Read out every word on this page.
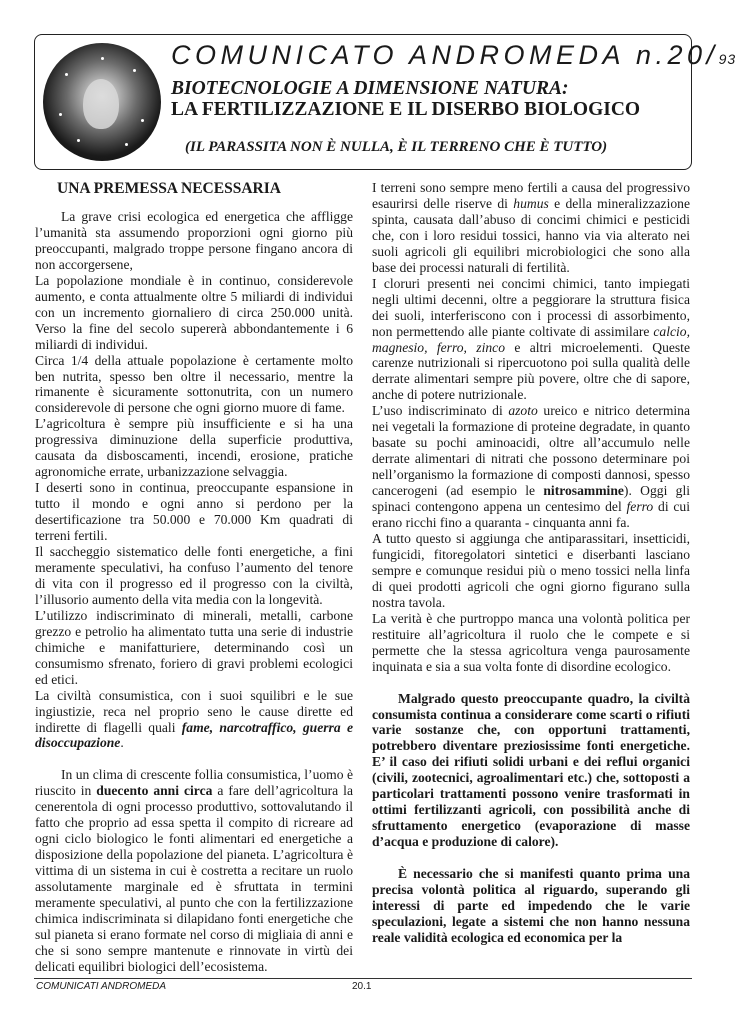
COMUNICATO ANDROMEDA n.20/93
BIOTECNOLOGIE A DIMENSIONE NATURA:
LA FERTILIZZAZIONE E IL DISERBO BIOLOGICO
(IL PARASSITA NON È NULLA, È IL TERRENO CHE È TUTTO)
UNA PREMESSA NECESSARIA

La grave crisi ecologica ed energetica che affligge l’umanità sta assumendo proporzioni ogni giorno più preoccupanti, malgrado troppe persone fingano ancora di non accorgersene,

La popolazione mondiale è in continuo, considerevole aumento, e conta attualmente oltre 5 miliardi di individui con un incremento giornaliero di circa 250.000 unità. Verso la fine del secolo supererà abbondantemente i 6 miliardi di individui.

Circa 1/4 della attuale popolazione è certamente molto ben nutrita, spesso ben oltre il necessario, mentre la rimanente è sicuramente sottonutrita, con un numero considerevole di persone che ogni giorno muore di fame.

L’agricoltura è sempre più insufficiente e si ha una progressiva diminuzione della superficie produttiva, causata da disboscamenti, incendi, erosione, pratiche agronomiche errate, urbanizzazione selvaggia.

I deserti sono in continua, preoccupante espansione in tutto il mondo e ogni anno si perdono per la desertificazione tra 50.000 e 70.000 Km quadrati di terreni fertili.

Il saccheggio sistematico delle fonti energetiche, a fini meramente speculativi, ha confuso l’aumento del tenore di vita con il progresso ed il progresso con la civiltà, l’illusorio aumento della vita media con la longevità.

L’utilizzo indiscriminato di minerali, metalli, carbone grezzo e petrolio ha alimentato tutta una serie di industrie chimiche e manifatturiere, determinando così un consumismo sfrenato, foriero di gravi problemi ecologici ed etici.

La civiltà consumistica, con i suoi squilibri e le sue ingiustizie, reca nel proprio seno le cause dirette ed indirette di flagelli quali fame, narcotraffico, guerra e disoccupazione.

In un clima di crescente follia consumistica, l’uomo è riuscito in duecento anni circa a fare dell’agricoltura la cenerentola di ogni processo produttivo, sottovalutando il fatto che proprio ad essa spetta il compito di ricreare ad ogni ciclo biologico le fonti alimentari ed energetiche a disposizione della popolazione del pianeta. L’agricoltura è vittima di un sistema in cui è costretta a recitare un ruolo assolutamente marginale ed è sfruttata in termini meramente speculativi, al punto che con la fertilizzazione chimica indiscriminata si dilapidano fonti energetiche che sul pianeta si erano formate nel corso di migliaia di anni e che si sono sempre mantenute e rinnovate in virtù dei delicati equilibri biologici dell’ecosistema.

I terreni sono sempre meno fertili a causa del progressivo esaurirsi delle riserve di humus e della mineralizzazione spinta, causata dall’abuso di concimi chimici e pesticidi che, con i loro residui tossici, hanno via via alterato nei suoli agricoli gli equilibri microbiologici che sono alla base dei processi naturali di fertilità.

I cloruri presenti nei concimi chimici, tanto impiegati negli ultimi decenni, oltre a peggiorare la struttura fisica dei suoli, interferiscono con i processi di assorbimento, non permettendo alle piante coltivate di assimilare calcio, magnesio, ferro, zinco e altri microelementi. Queste carenze nutrizionali si ripercuotono poi sulla qualità delle derrate alimentari sempre più povere, oltre che di sapore, anche di potere nutrizionale.

L’uso indiscriminato di azoto ureico e nitrico determina nei vegetali la formazione di proteine degradate, in quanto basate su pochi aminoacidi, oltre all’accumulo nelle derrate alimentari di nitrati che possono determinare poi nell’organismo la formazione di composti dannosi, spesso cancerogeni (ad esempio le nitrosammine). Oggi gli spinaci contengono appena un centesimo del ferro di cui erano ricchi fino a quaranta - cinquanta anni fa.

A tutto questo si aggiunga che antiparassitari, insetticidi, fungicidi, fitoregolatori sintetici e diserbanti lasciano sempre e comunque residui più o meno tossici nella linfa di quei prodotti agricoli che ogni giorno figurano sulla nostra tavola.

La verità è che purtroppo manca una volontà politica per restituire all’agricoltura il ruolo che le compete e si permette che la stessa agricoltura venga paurosamente inquinata e sia a sua volta fonte di disordine ecologico.

Malgrado questo preoccupante quadro, la civiltà consumista continua a considerare come scarti o rifiuti varie sostanze che, con opportuni trattamenti, potrebbero diventare preziosissime fonti energetiche. E’ il caso dei rifiuti solidi urbani e dei reflui organici (civili, zootecnici, agroalimentari etc.) che, sottoposti a particolari trattamenti possono venire trasformati in ottimi fertilizzanti agricoli, con possibilità anche di sfruttamento energetico (evaporazione di masse d’acqua e produzione di calore).

È necessario che si manifesti quanto prima una precisa volontà politica al riguardo, superando gli interessi di parte ed impedendo che le varie speculazioni, legate a sistemi che non hanno nessuna reale validità ecologica ed economica per la

COMUNICATI ANDROMEDA	20.1
